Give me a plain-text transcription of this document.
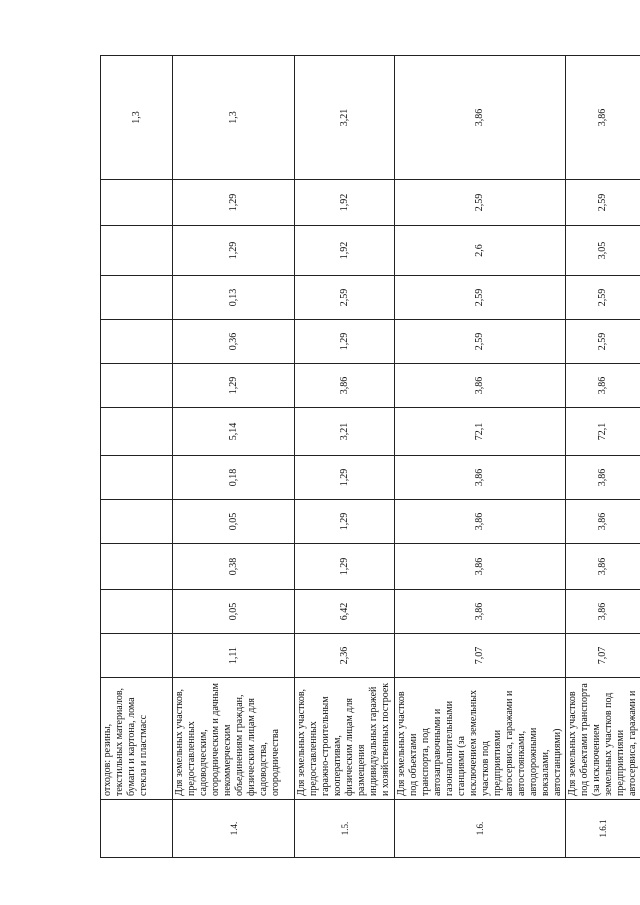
	отходов: резины, текстильных материалов, бумаги и картона, лома стекла и пластмасс												1,3
1.4.	Для земельных участков, предоставленных садоводческим, огородническим и дачным некоммерческим объединениям граждан, физическим лицам для садоводства, огородничества	1,11	0,05	0,38	0,05	0,18	5,14	1,29	0,36	0,13	1,29	1,29	1,3
1.5.	Для земельных участков, предоставленных гаражно-строительным кооперативам, физическим лицам для размещения индивидуальных гаражей и хозяйственных построек	2,36	6,42	1,29	1,29	1,29	3,21	3,86	1,29	2,59	1,92	1,92	3,21
1.6.	Для земельных участков под объектами транспорта, под автозаправочными и газонаполнительными станциями (за исключением земельных участков под предприятиями автосервиса, гаражами и автостоянками, автодорожными вокзалами, автостанциями)	7,07	3,86	3,86	3,86	3,86	72,1	3,86	2,59	2,59	2,6	2,59	3,86
1.6.1	Для земельных участков под объектами транспорта (за исключением земельных участков под предприятиями автосервиса, гаражами и	7,07	3,86	3,86	3,86	3,86	72,1	3,86	2,59	2,59	3,05	2,59	3,86
